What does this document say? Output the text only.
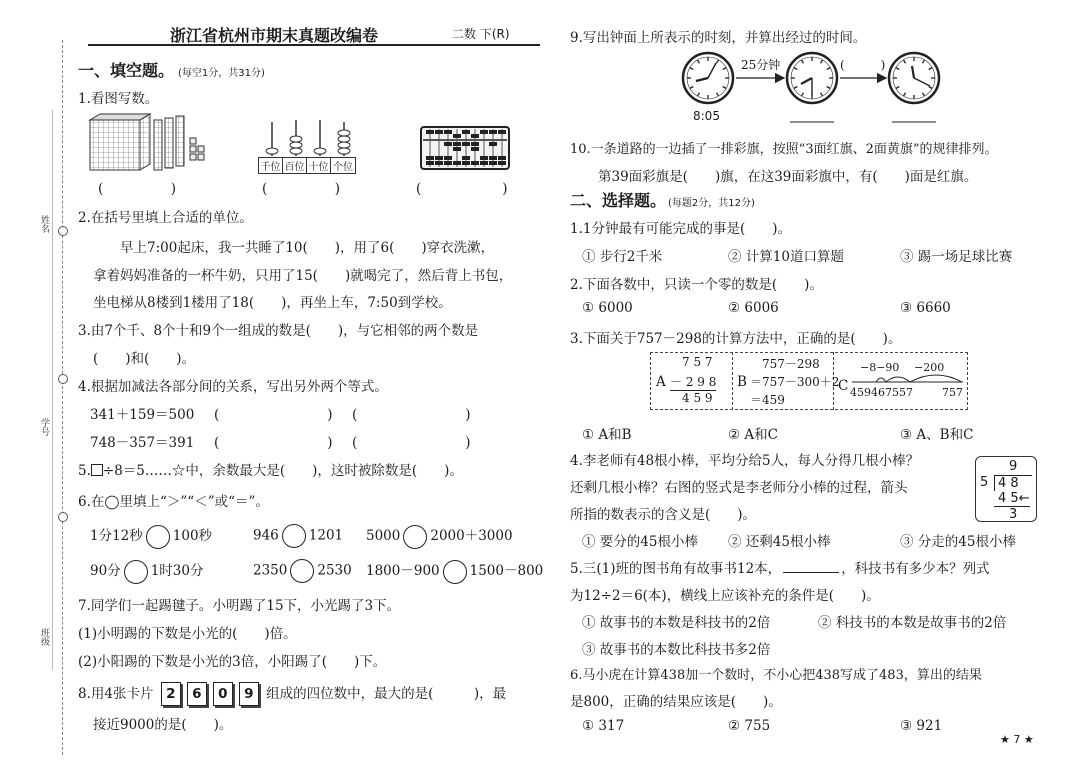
姓名
学号
班级
浙江省杭州市期末真题改编卷	二数 下(R)
一、填空题。 (每空1分，共31分)
1.看图写数。
(　　　　　)
千位 百位 十位 个位
(　　　　　)	(　　　　　　)
2.在括号里填上合适的单位。
早上7:00起床，我一共睡了10(　　)，用了6(　　)穿衣洗漱，
拿着妈妈准备的一杯牛奶，只用了15(　　)就喝完了，然后背上书包，
坐电梯从8楼到1楼用了18(　　)，再坐上车，7:50到学校。
3.由7个千、8个十和9个一组成的数是(　　)，与它相邻的两个数是
(　　)和(　　)。
4.根据加减法各部分间的关系，写出另外两个等式。
341＋159＝500 (　　　　　　　　) (　　　　　　　　)
748－357＝391 (　　　　　　　　) (　　　　　　　　)
5. ÷8＝5……☆中，余数最大是(　　)，这时被除数是(　　)。
6.在◯里填上“＞”“＜”或“＝”。
1分12秒 100秒	946 1201 5000 2000＋3000
90分 1时30分	2350 2530 1800－900 1500－800
7.同学们一起踢毽子。小明踢了15下，小光踢了3下。
(1)小明踢的下数是小光的(　　)倍。
(2)小阳踢的下数是小光的3倍，小阳踢了(　　)下。
8.用4张卡片 2 6 0 9 组成的四位数中，最大的是(　　　)，最
接近9000的是(　　)。
9.写出钟面上所表示的时刻，并算出经过的时间。
25分钟	(　　　)
8:05
10.一条道路的一边插了一排彩旗，按照“3面红旗、2面黄旗”的规律排列。
第39面彩旗是(　　)旗，在这39面彩旗中，有(　　)面是红旗。
二、选择题。 (每题2分，共12分)
1.1分钟最有可能完成的事是(　　)。
① 步行2千米	② 计算10道口算题	③ 踢一场足球比赛
2.下面各数中，只读一个零的数是(　　)。
① 6000	② 6006	③ 6660
3.下面关于757－298的计算方法中，正确的是(　　)。
A
7 5 7
－ 2 9 8
4 5 9
B
757－298
＝757－300＋2
＝459
C
−8−90 −200
459467557	757
① A和B	② A和C	③ A、B和C
4.李老师有48根小棒，平均分给5人，每人分得几根小棒？
还剩几根小棒？右图的竖式是李老师分小棒的过程，箭头
所指的数表示的含义是(　　)。
9
5 4 8
4 5←
3
① 要分的45根小棒 ② 还剩45根小棒	③ 分走的45根小棒
5.三(1)班的图书角有故事书12本，	，科技书有多少本？列式
为12÷2＝6(本)，横线上应该补充的条件是(　　)。
① 故事书的本数是科技书的2倍	② 科技书的本数是故事书的2倍
③ 故事书的本数比科技书多2倍
6.马小虎在计算438加一个数时，不小心把438写成了483，算出的结果
是800，正确的结果应该是(　　)。
① 317	② 755	③ 921
★ 7 ★
